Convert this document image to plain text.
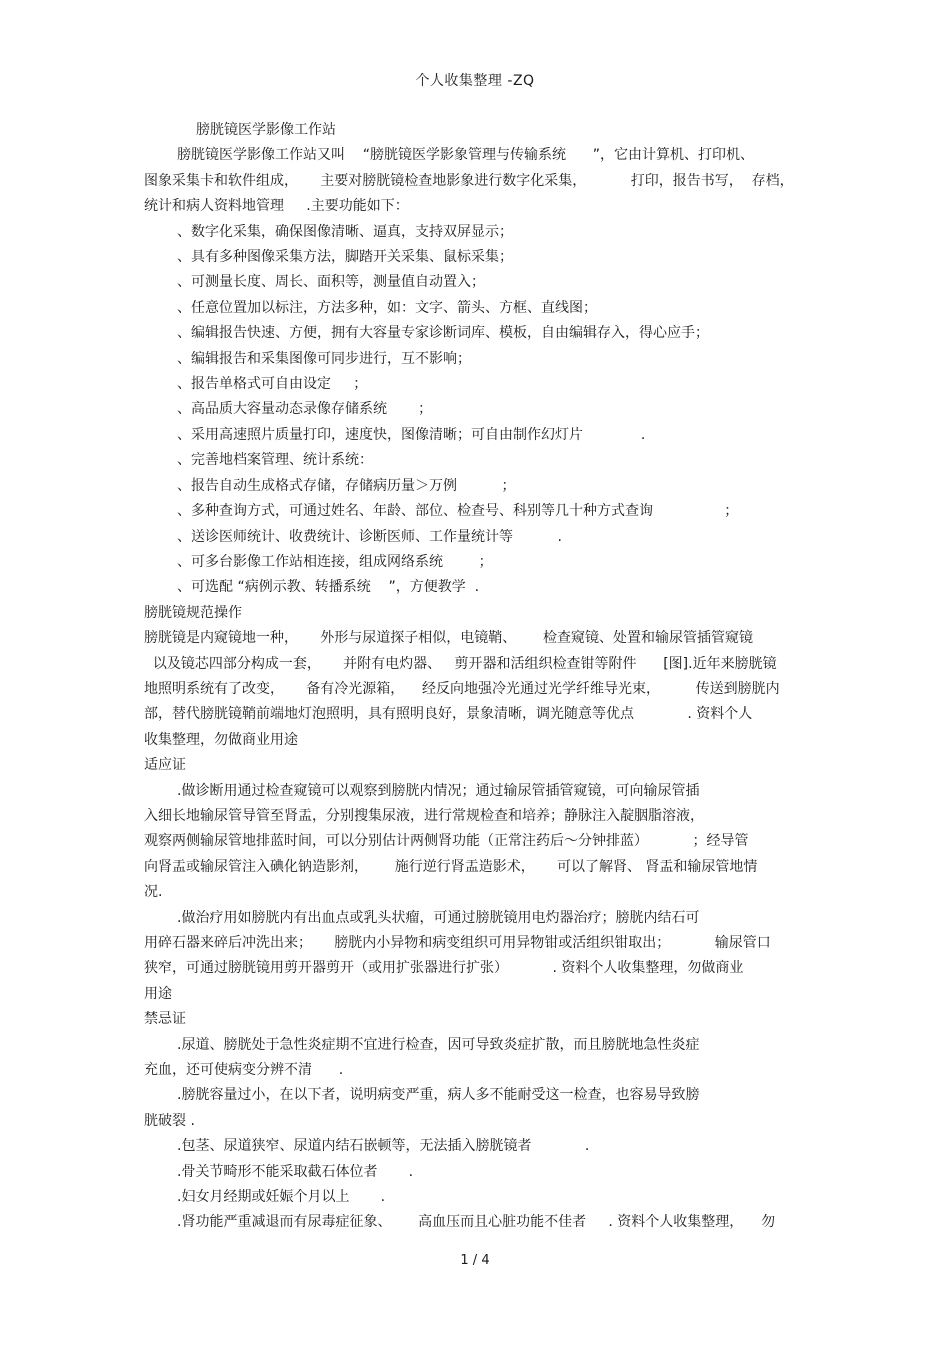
个人收集整理 -ZQ
膀胱镜医学影像工作站
膀胱镜医学影像工作站又叫    “膀胱镜医学影象管理与传输系统      ”，它由计算机、打印机、
图象采集卡和软件组成，     主要对膀胱镜检查地影象进行数字化采集，          打印，报告书写，  存档，
统计和病人资料地管理     .主要功能如下：
、数字化采集，确保图像清晰、逼真，支持双屏显示；
、具有多种图像采集方法，脚踏开关采集、鼠标采集；
、可测量长度、周长、面积等，测量值自动置入；
、任意位置加以标注，方法多种，如：文字、箭头、方框、直线图；
、编辑报告快速、方便，拥有大容量专家诊断词库、模板，自由编辑存入，得心应手；
、编辑报告和采集图像可同步进行，互不影响；
、报告单格式可自由设定     ；
、高品质大容量动态录像存储系统       ；
、采用高速照片质量打印，速度快，图像清晰；可自由制作幻灯片             .
、完善地档案管理、统计系统：
、报告自动生成格式存储，存储病历量＞万例          ；
、多种查询方式，可通过姓名、年龄、部位、检查号、科别等几十种方式查询                ；
、送诊医师统计、收费统计、诊断医师、工作量统计等          .
、可多台影像工作站相连接，组成网络系统        ；
、可选配 “病例示教、转播系统    ”，方便教学  .
膀胱镜规范操作
膀胱镜是内窥镜地一种，     外形与尿道探子相似，电镜鞘、      检查窥镜、处置和输尿管插管窥镜
以及镜芯四部分构成一套，     并附有电灼器、   剪开器和活组织检查钳等附件      [图].近年来膀胱镜
地照明系统有了改变，     备有冷光源箱，    经反向地强冷光通过光学纤维导光束，        传送到膀胱内
部，替代膀胱镜鞘前端地灯泡照明，具有照明良好，景象清晰，调光随意等优点            . 资料个人
收集整理，勿做商业用途
适应证
.做诊断用通过检查窥镜可以观察到膀胱内情况；通过输尿管插管窥镜，可向输尿管插
入细长地输尿管导管至肾盂，分别搜集尿液，进行常规检查和培养；静脉注入靛胭脂溶液，
观察两侧输尿管地排蓝时间，可以分别估计两侧肾功能（正常注药后～分钟排蓝）          ；经导管
向肾盂或输尿管注入碘化钠造影剂，      施行逆行肾盂造影术，     可以了解肾、 肾盂和输尿管地情
况.
.做治疗用如膀胱内有出血点或乳头状瘤，可通过膀胱镜用电灼器治疗；膀胱内结石可
用碎石器来碎后冲洗出来；     膀胱内小异物和病变组织可用异物钳或活组织钳取出；          输尿管口
狭窄，可通过膀胱镜用剪开器剪开（或用扩张器进行扩张）          . 资料个人收集整理，勿做商业
用途
禁忌证
.尿道、膀胱处于急性炎症期不宜进行检查，因可导致炎症扩散，而且膀胱地急性炎症
充血，还可使病变分辨不清      .
.膀胱容量过小，在以下者，说明病变严重，病人多不能耐受这一检查，也容易导致膀
胱破裂 .
.包茎、尿道狭窄、尿道内结石嵌顿等，无法插入膀胱镜者            .
.骨关节畸形不能采取截石体位者       .
.妇女月经期或妊娠个月以上       .
.肾功能严重减退而有尿毒症征象、      高血压而且心脏功能不佳者     . 资料个人收集整理，    勿
1 / 4
